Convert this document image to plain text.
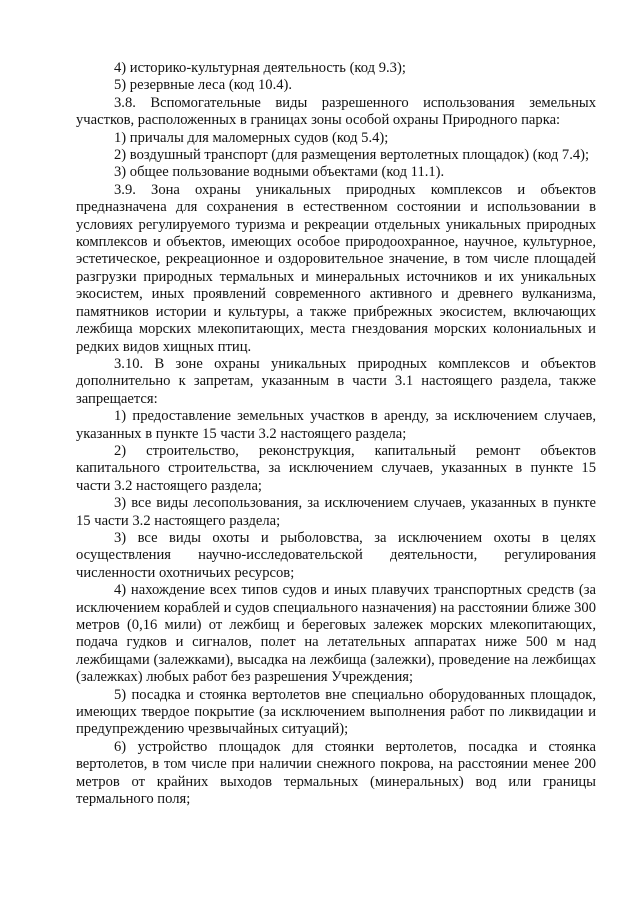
4) историко-культурная деятельность (код 9.3);

5) резервные леса (код 10.4).

3.8. Вспомогательные виды разрешенного использования земельных участков, расположенных в границах зоны особой охраны Природного парка:

1) причалы для маломерных судов (код 5.4);

2) воздушный транспорт (для размещения вертолетных площадок) (код 7.4);

3) общее пользование водными объектами (код 11.1).

3.9. Зона охраны уникальных природных комплексов и объектов предназначена для сохранения в естественном состоянии и использовании в условиях регулируемого туризма и рекреации отдельных уникальных природных комплексов и объектов, имеющих особое природоохранное, научное, культурное, эстетическое, рекреационное и оздоровительное значение, в том числе площадей разгрузки природных термальных и минеральных источников и их уникальных экосистем, иных проявлений современного активного и древнего вулканизма, памятников истории и культуры, а также прибрежных экосистем, включающих лежбища морских млекопитающих, места гнездования морских колониальных и редких видов хищных птиц.

3.10. В зоне охраны уникальных природных комплексов и объектов дополнительно к запретам, указанным в части 3.1 настоящего раздела, также запрещается:

1) предоставление земельных участков в аренду, за исключением случаев, указанных в пункте 15 части 3.2 настоящего раздела;

2) строительство, реконструкция, капитальный ремонт объектов капитального строительства, за исключением случаев, указанных в пункте 15 части 3.2 настоящего раздела;

3) все виды лесопользования, за исключением случаев, указанных в пункте 15 части 3.2 настоящего раздела;

3) все виды охоты и рыболовства, за исключением охоты в целях осуществления научно-исследовательской деятельности, регулирования численности охотничьих ресурсов;

4) нахождение всех типов судов и иных плавучих транспортных средств (за исключением кораблей и судов специального назначения) на расстоянии ближе 300 метров (0,16 мили) от лежбищ и береговых залежек морских млекопитающих, подача гудков и сигналов, полет на летательных аппаратах ниже 500 м над лежбищами (залежками), высадка на лежбища (залежки), проведение на лежбищах (залежках) любых работ без разрешения Учреждения;

5) посадка и стоянка вертолетов вне специально оборудованных площадок, имеющих твердое покрытие (за исключением выполнения работ по ликвидации и предупреждению чрезвычайных ситуаций);

6) устройство площадок для стоянки вертолетов, посадка и стоянка вертолетов, в том числе при наличии снежного покрова, на расстоянии менее 200 метров от крайних выходов термальных (минеральных) вод или границы термального поля;
